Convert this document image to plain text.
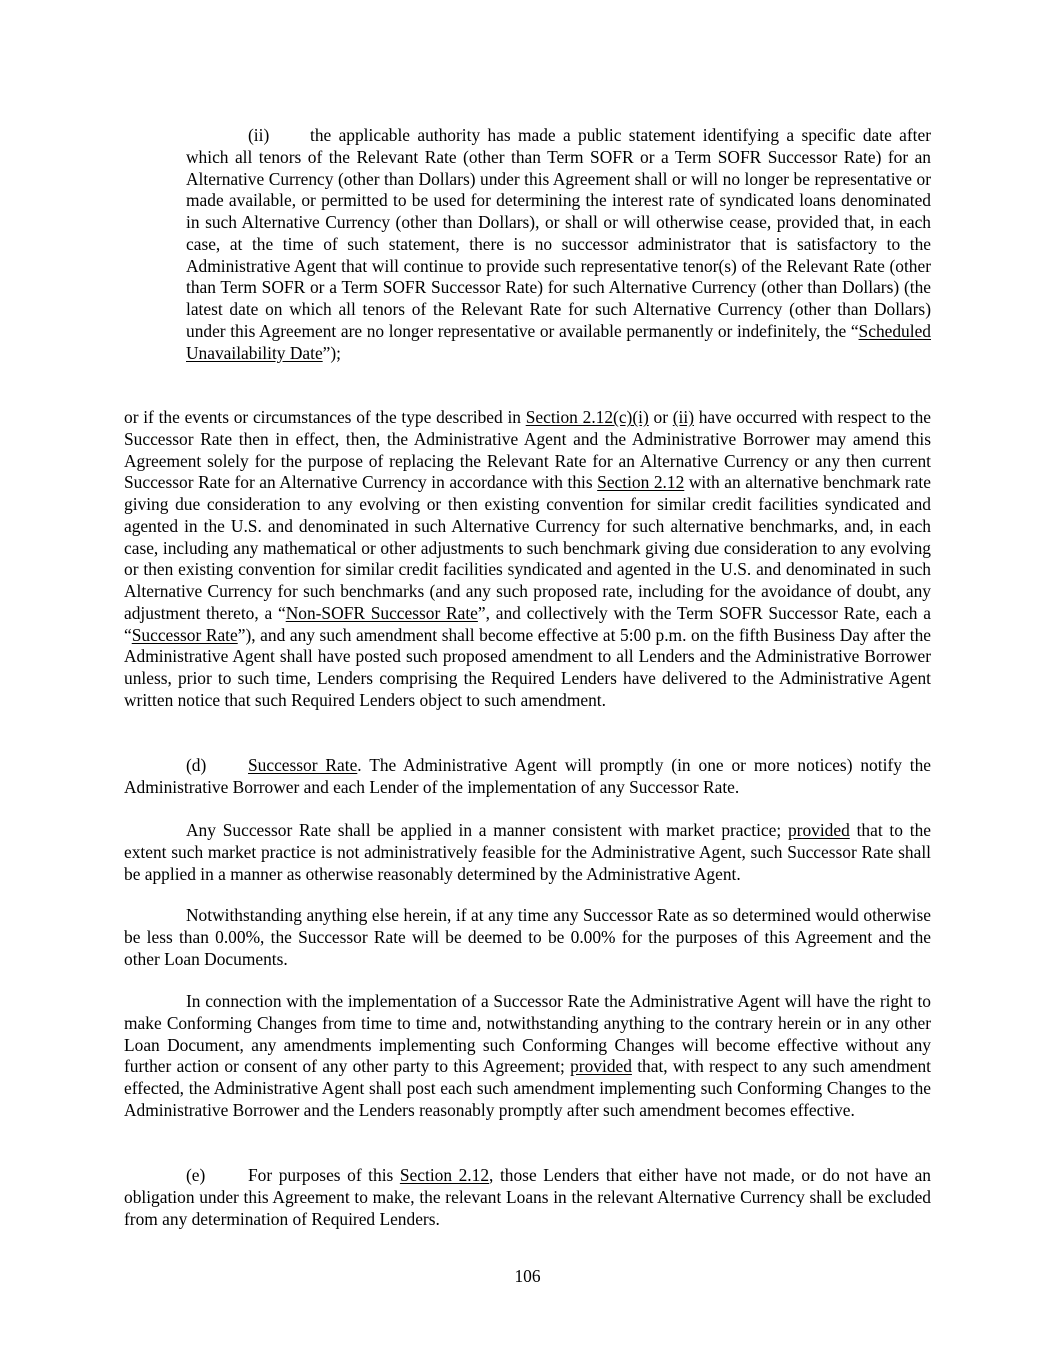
(ii) the applicable authority has made a public statement identifying a specific date after which all tenors of the Relevant Rate (other than Term SOFR or a Term SOFR Successor Rate) for an Alternative Currency (other than Dollars) under this Agreement shall or will no longer be representative or made available, or permitted to be used for determining the interest rate of syndicated loans denominated in such Alternative Currency (other than Dollars), or shall or will otherwise cease, provided that, in each case, at the time of such statement, there is no successor administrator that is satisfactory to the Administrative Agent that will continue to provide such representative tenor(s) of the Relevant Rate (other than Term SOFR or a Term SOFR Successor Rate) for such Alternative Currency (other than Dollars) (the latest date on which all tenors of the Relevant Rate for such Alternative Currency (other than Dollars) under this Agreement are no longer representative or available permanently or indefinitely, the “Scheduled Unavailability Date”);

or if the events or circumstances of the type described in Section 2.12(c)(i) or (ii) have occurred with respect to the Successor Rate then in effect, then, the Administrative Agent and the Administrative Borrower may amend this Agreement solely for the purpose of replacing the Relevant Rate for an Alternative Currency or any then current Successor Rate for an Alternative Currency in accordance with this Section 2.12 with an alternative benchmark rate giving due consideration to any evolving or then existing convention for similar credit facilities syndicated and agented in the U.S. and denominated in such Alternative Currency for such alternative benchmarks, and, in each case, including any mathematical or other adjustments to such benchmark giving due consideration to any evolving or then existing convention for similar credit facilities syndicated and agented in the U.S. and denominated in such Alternative Currency for such benchmarks (and any such proposed rate, including for the avoidance of doubt, any adjustment thereto, a “Non-SOFR Successor Rate”, and collectively with the Term SOFR Successor Rate, each a “Successor Rate”), and any such amendment shall become effective at 5:00 p.m. on the fifth Business Day after the Administrative Agent shall have posted such proposed amendment to all Lenders and the Administrative Borrower unless, prior to such time, Lenders comprising the Required Lenders have delivered to the Administrative Agent written notice that such Required Lenders object to such amendment.

(d) Successor Rate. The Administrative Agent will promptly (in one or more notices) notify the Administrative Borrower and each Lender of the implementation of any Successor Rate.

Any Successor Rate shall be applied in a manner consistent with market practice; provided that to the extent such market practice is not administratively feasible for the Administrative Agent, such Successor Rate shall be applied in a manner as otherwise reasonably determined by the Administrative Agent.

Notwithstanding anything else herein, if at any time any Successor Rate as so determined would otherwise be less than 0.00%, the Successor Rate will be deemed to be 0.00% for the purposes of this Agreement and the other Loan Documents.

In connection with the implementation of a Successor Rate the Administrative Agent will have the right to make Conforming Changes from time to time and, notwithstanding anything to the contrary herein or in any other Loan Document, any amendments implementing such Conforming Changes will become effective without any further action or consent of any other party to this Agreement; provided that, with respect to any such amendment effected, the Administrative Agent shall post each such amendment implementing such Conforming Changes to the Administrative Borrower and the Lenders reasonably promptly after such amendment becomes effective.

(e) For purposes of this Section 2.12, those Lenders that either have not made, or do not have an obligation under this Agreement to make, the relevant Loans in the relevant Alternative Currency shall be excluded from any determination of Required Lenders.

106
